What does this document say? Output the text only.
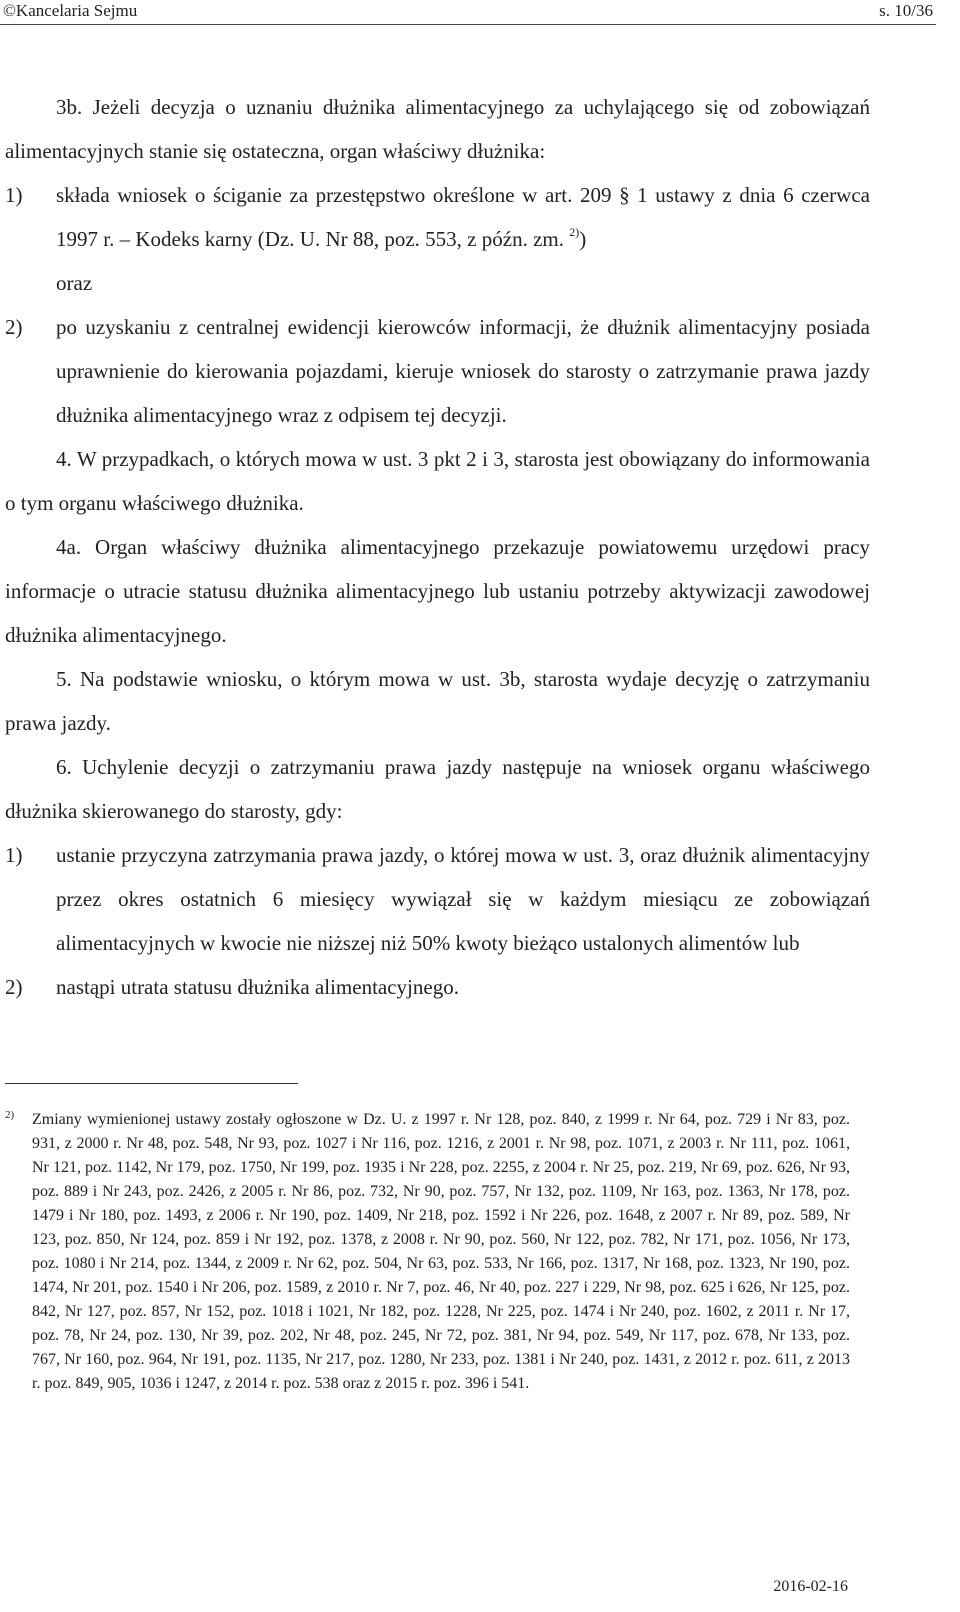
©Kancelaria Sejmu	s. 10/36

3b. Jeżeli decyzja o uznaniu dłużnika alimentacyjnego za uchylającego się od zobowiązań alimentacyjnych stanie się ostateczna, organ właściwy dłużnika:

1) składa wniosek o ściganie za przestępstwo określone w art. 209 § 1 ustawy z dnia 6 czerwca 1997 r. – Kodeks karny (Dz. U. Nr 88, poz. 553, z późn. zm. $^{2)}$)
oraz
2) po uzyskaniu z centralnej ewidencji kierowców informacji, że dłużnik alimentacyjny posiada uprawnienie do kierowania pojazdami, kieruje wniosek do starosty o zatrzymanie prawa jazdy dłużnika alimentacyjnego wraz z odpisem tej decyzji.

4. W przypadkach, o których mowa w ust. 3 pkt 2 i 3, starosta jest obowiązany do informowania o tym organu właściwego dłużnika.

4a. Organ właściwy dłużnika alimentacyjnego przekazuje powiatowemu urzędowi pracy informacje o utracie statusu dłużnika alimentacyjnego lub ustaniu potrzeby aktywizacji zawodowej dłużnika alimentacyjnego.

5. Na podstawie wniosku, o którym mowa w ust. 3b, starosta wydaje decyzję o zatrzymaniu prawa jazdy.

6. Uchylenie decyzji o zatrzymaniu prawa jazdy następuje na wniosek organu właściwego dłużnika skierowanego do starosty, gdy:

1) ustanie przyczyna zatrzymania prawa jazdy, o której mowa w ust. 3, oraz dłużnik alimentacyjny przez okres ostatnich 6 miesięcy wywiązał się w każdym miesiącu ze zobowiązań alimentacyjnych w kwocie nie niższej niż 50% kwoty bieżąco ustalonych alimentów lub
2) nastąpi utrata statusu dłużnika alimentacyjnego.
2) Zmiany wymienionej ustawy zostały ogłoszone w Dz. U. z 1997 r. Nr 128, poz. 840, z 1999 r. Nr 64, poz. 729 i Nr 83, poz. 931, z 2000 r. Nr 48, poz. 548, Nr 93, poz. 1027 i Nr 116, poz. 1216, z 2001 r. Nr 98, poz. 1071, z 2003 r. Nr 111, poz. 1061, Nr 121, poz. 1142, Nr 179, poz. 1750, Nr 199, poz. 1935 i Nr 228, poz. 2255, z 2004 r. Nr 25, poz. 219, Nr 69, poz. 626, Nr 93, poz. 889 i Nr 243, poz. 2426, z 2005 r. Nr 86, poz. 732, Nr 90, poz. 757, Nr 132, poz. 1109, Nr 163, poz. 1363, Nr 178, poz. 1479 i Nr 180, poz. 1493, z 2006 r. Nr 190, poz. 1409, Nr 218, poz. 1592 i Nr 226, poz. 1648, z 2007 r. Nr 89, poz. 589, Nr 123, poz. 850, Nr 124, poz. 859 i Nr 192, poz. 1378, z 2008 r. Nr 90, poz. 560, Nr 122, poz. 782, Nr 171, poz. 1056, Nr 173, poz. 1080 i Nr 214, poz. 1344, z 2009 r. Nr 62, poz. 504, Nr 63, poz. 533, Nr 166, poz. 1317, Nr 168, poz. 1323, Nr 190, poz. 1474, Nr 201, poz. 1540 i Nr 206, poz. 1589, z 2010 r. Nr 7, poz. 46, Nr 40, poz. 227 i 229, Nr 98, poz. 625 i 626, Nr 125, poz. 842, Nr 127, poz. 857, Nr 152, poz. 1018 i 1021, Nr 182, poz. 1228, Nr 225, poz. 1474 i Nr 240, poz. 1602, z 2011 r. Nr 17, poz. 78, Nr 24, poz. 130, Nr 39, poz. 202, Nr 48, poz. 245, Nr 72, poz. 381, Nr 94, poz. 549, Nr 117, poz. 678, Nr 133, poz. 767, Nr 160, poz. 964, Nr 191, poz. 1135, Nr 217, poz. 1280, Nr 233, poz. 1381 i Nr 240, poz. 1431, z 2012 r. poz. 611, z 2013 r. poz. 849, 905, 1036 i 1247, z 2014 r. poz. 538 oraz z 2015 r. poz. 396 i 541.
2016-02-16
